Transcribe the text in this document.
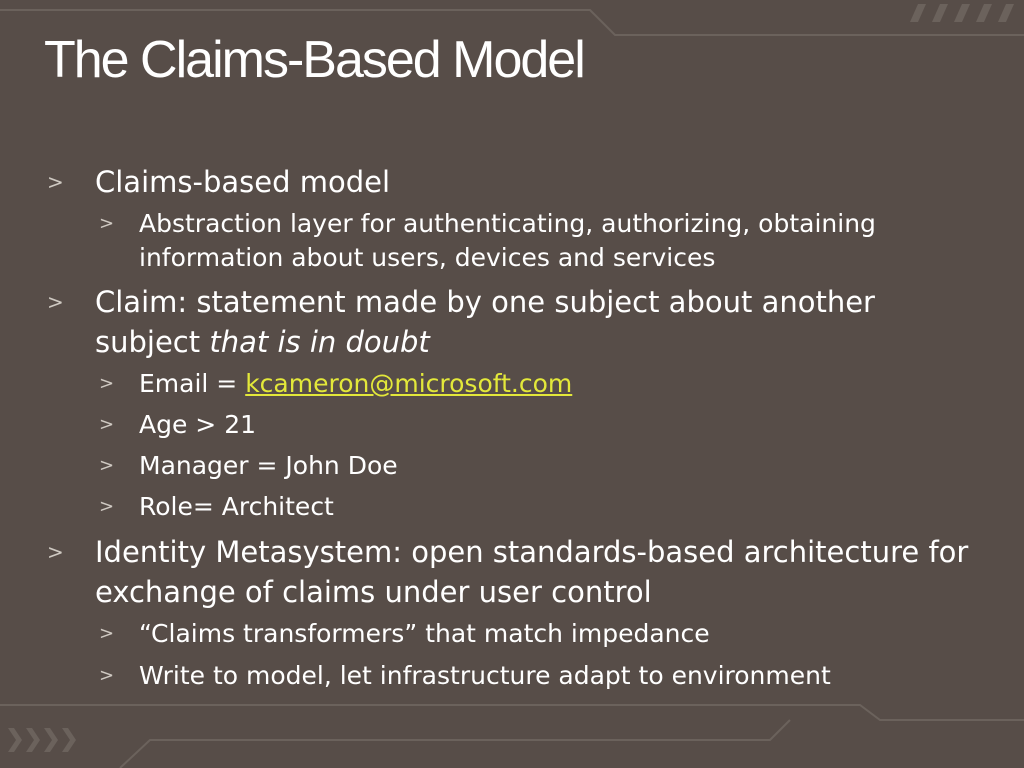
The Claims-Based Model
> Claims-based model
> Abstraction layer for authenticating, authorizing, obtaining information about users, devices and services
> Claim: statement made by one subject about another subject that is in doubt
> Email = kcameron@microsoft.com
> Age > 21
> Manager = John Doe
> Role= Architect
> Identity Metasystem: open standards-based architecture for exchange of claims under user control
> “Claims transformers” that match impedance
> Write to model, let infrastructure adapt to environment
